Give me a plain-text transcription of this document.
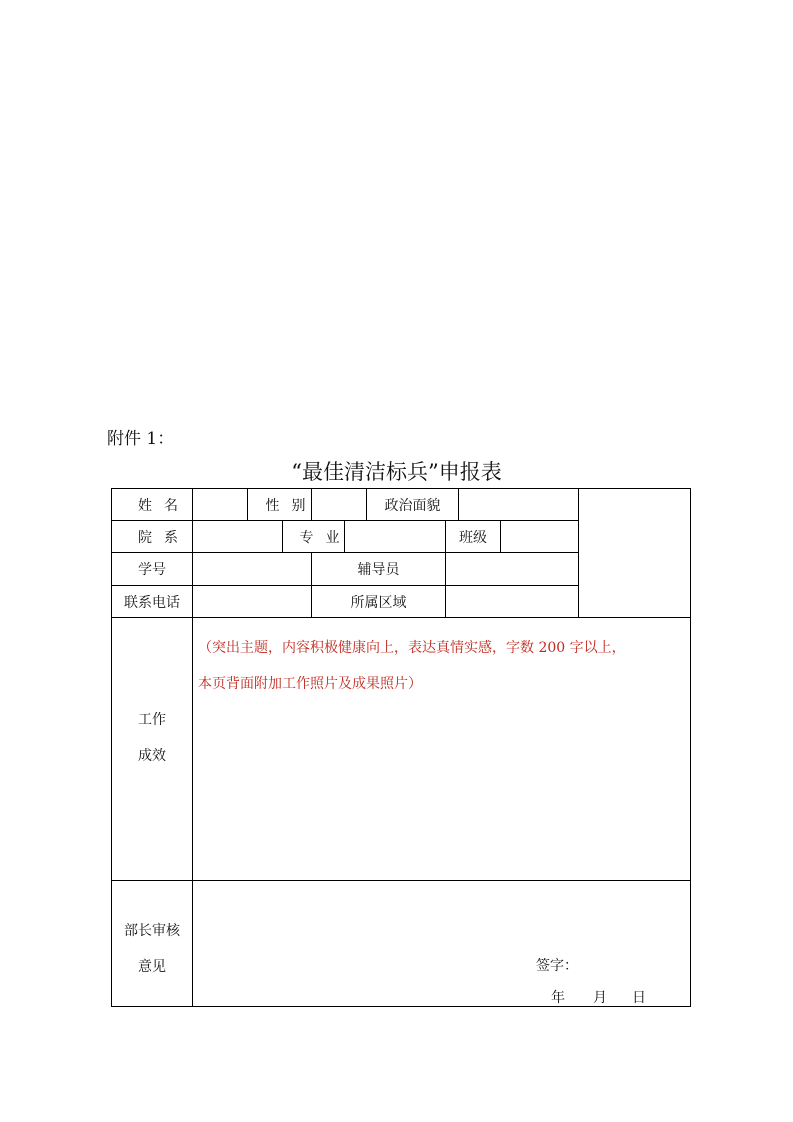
附件 1：
“最佳清洁标兵”申报表
姓名	性别	政治面貌
院系	专业	班级
学号	辅导员
联系电话	所属区域
工作
成效
（突出主题，内容积极健康向上，表达真情实感，字数 200 字以上，
本页背面附加工作照片及成果照片）
部长审核
意见	签字：
年 月 日
